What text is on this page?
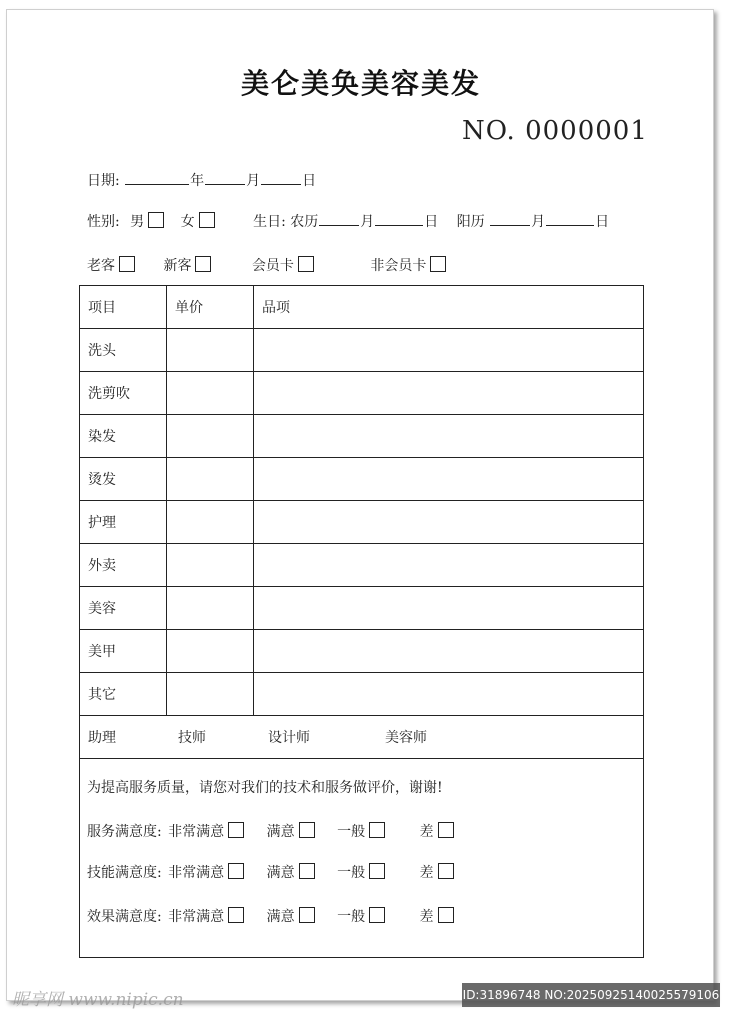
美仑美奂美容美发
NO. 0000001
日期:	年	月	日
性别: 男	女	生日: 农历	月	日 阳历	月	日
老客	新客	会员卡	非会员卡
项目	单价	品项
洗头		
洗剪吹		
染发		
烫发		
护理		
外卖		
美容		
美甲		
其它		

助理 技师 设计师 美容师		

为提高服务质量，请您对我们的技术和服务做评价，谢谢!
服务满意度: 非常满意	满意	一般	差
技能满意度: 非常满意	满意	一般	差
效果满意度: 非常满意	满意	一般	差
昵享网 www.nipic.cn	ID:31896748 NO:20250925140025579106
